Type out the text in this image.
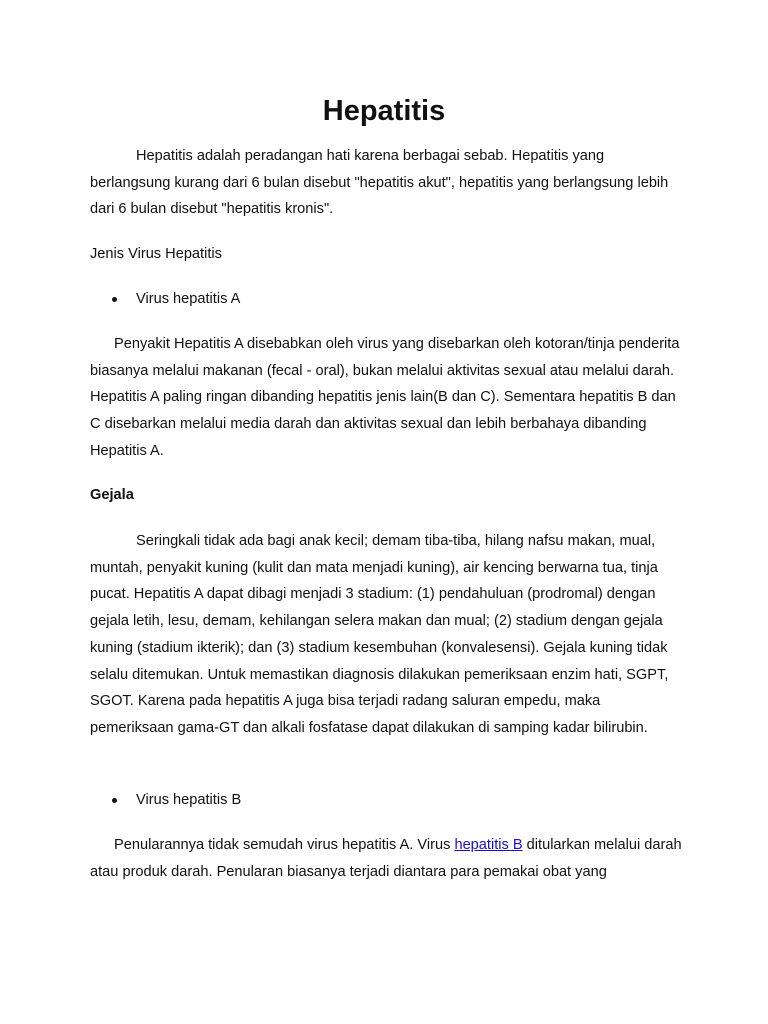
Hepatitis

Hepatitis adalah peradangan hati karena berbagai sebab. Hepatitis yang berlangsung kurang dari 6 bulan disebut "hepatitis akut", hepatitis yang berlangsung lebih dari 6 bulan disebut "hepatitis kronis".

Jenis Virus Hepatitis
Virus hepatitis A

Penyakit Hepatitis A disebabkan oleh virus yang disebarkan oleh kotoran/tinja penderita biasanya melalui makanan (fecal - oral), bukan melalui aktivitas sexual atau melalui darah. Hepatitis A paling ringan dibanding hepatitis jenis lain(B dan C). Sementara hepatitis B dan C disebarkan melalui media darah dan aktivitas sexual dan lebih berbahaya dibanding Hepatitis A.

Gejala

Seringkali tidak ada bagi anak kecil; demam tiba-tiba, hilang nafsu makan, mual, muntah, penyakit kuning (kulit dan mata menjadi kuning), air kencing berwarna tua, tinja pucat. Hepatitis A dapat dibagi menjadi 3 stadium: (1) pendahuluan (prodromal) dengan gejala letih, lesu, demam, kehilangan selera makan dan mual; (2) stadium dengan gejala kuning (stadium ikterik); dan (3) stadium kesembuhan (konvalesensi). Gejala kuning tidak selalu ditemukan. Untuk memastikan diagnosis dilakukan pemeriksaan enzim hati, SGPT, SGOT. Karena pada hepatitis A juga bisa terjadi radang saluran empedu, maka pemeriksaan gama-GT dan alkali fosfatase dapat dilakukan di samping kadar bilirubin.

Virus hepatitis B

Penularannya tidak semudah virus hepatitis A. Virus hepatitis B ditularkan melalui darah atau produk darah. Penularan biasanya terjadi diantara para pemakai obat yang
